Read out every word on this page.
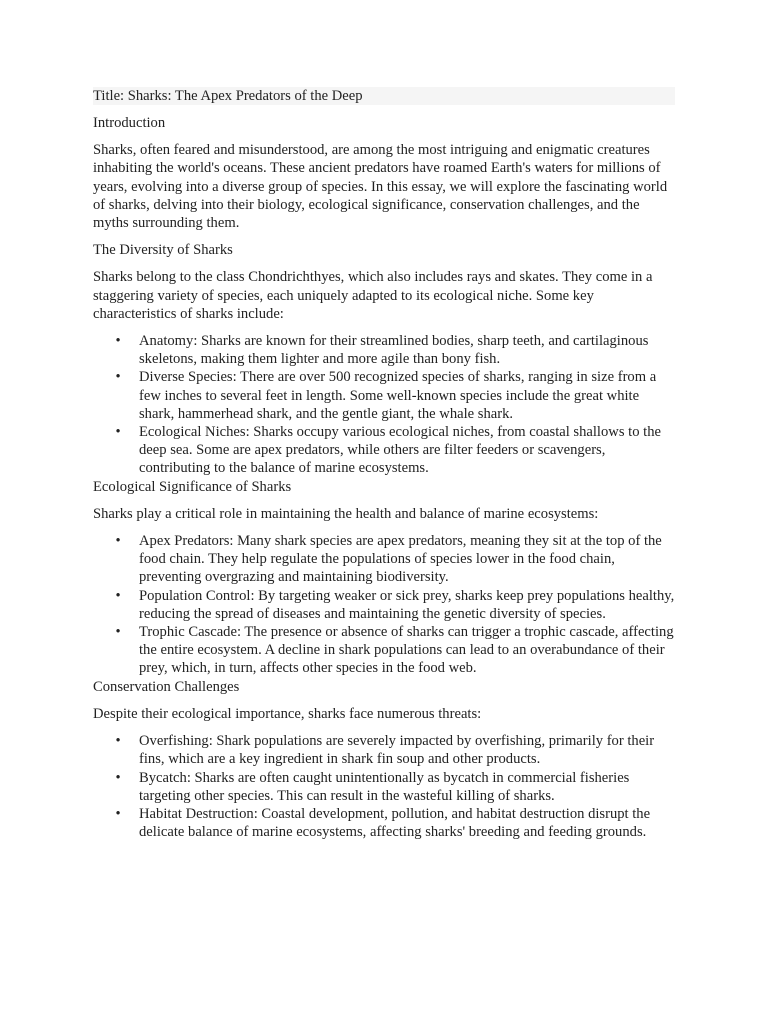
Title: Sharks: The Apex Predators of the Deep
Introduction
Sharks, often feared and misunderstood, are among the most intriguing and enigmatic creatures inhabiting the world's oceans. These ancient predators have roamed Earth's waters for millions of years, evolving into a diverse group of species. In this essay, we will explore the fascinating world of sharks, delving into their biology, ecological significance, conservation challenges, and the myths surrounding them.
The Diversity of Sharks
Sharks belong to the class Chondrichthyes, which also includes rays and skates. They come in a staggering variety of species, each uniquely adapted to its ecological niche. Some key characteristics of sharks include:
• Anatomy: Sharks are known for their streamlined bodies, sharp teeth, and cartilaginous skeletons, making them lighter and more agile than bony fish.
• Diverse Species: There are over 500 recognized species of sharks, ranging in size from a few inches to several feet in length. Some well-known species include the great white shark, hammerhead shark, and the gentle giant, the whale shark.
• Ecological Niches: Sharks occupy various ecological niches, from coastal shallows to the deep sea. Some are apex predators, while others are filter feeders or scavengers, contributing to the balance of marine ecosystems.
Ecological Significance of Sharks
Sharks play a critical role in maintaining the health and balance of marine ecosystems:
• Apex Predators: Many shark species are apex predators, meaning they sit at the top of the food chain. They help regulate the populations of species lower in the food chain, preventing overgrazing and maintaining biodiversity.
• Population Control: By targeting weaker or sick prey, sharks keep prey populations healthy, reducing the spread of diseases and maintaining the genetic diversity of species.
• Trophic Cascade: The presence or absence of sharks can trigger a trophic cascade, affecting the entire ecosystem. A decline in shark populations can lead to an overabundance of their prey, which, in turn, affects other species in the food web.
Conservation Challenges
Despite their ecological importance, sharks face numerous threats:
• Overfishing: Shark populations are severely impacted by overfishing, primarily for their fins, which are a key ingredient in shark fin soup and other products.
• Bycatch: Sharks are often caught unintentionally as bycatch in commercial fisheries targeting other species. This can result in the wasteful killing of sharks.
• Habitat Destruction: Coastal development, pollution, and habitat destruction disrupt the delicate balance of marine ecosystems, affecting sharks' breeding and feeding grounds.
